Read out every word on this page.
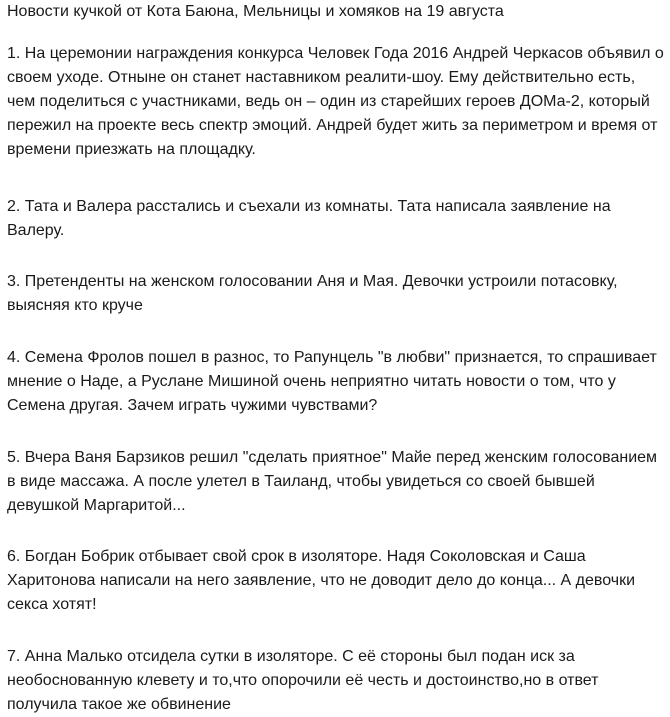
Новости кучкой от Кота Баюна, Мельницы и хомяков на 19 августа

1. На церемонии награждения конкурса Человек Года 2016 Андрей Черкасов объявил о своем уходе. Отныне он станет наставником реалити-шоу. Ему действительно есть, чем поделиться с участниками, ведь он – один из старейших героев ДОМа-2, который пережил на проекте весь спектр эмоций. Андрей будет жить за периметром и время от времени приезжать на площадку.

2. Тата и Валера расстались и съехали из комнаты. Тата написала заявление на Валеру.

3. Претенденты на женском голосовании Аня и Мая. Девочки устроили потасовку, выясняя кто круче

4. Семена Фролов пошел в разнос, то Рапунцель "в любви" признается, то спрашивает мнение о Наде, а Руслане Мишиной очень неприятно читать новости о том, что у Семена другая. Зачем играть чужими чувствами?

5. Вчера Ваня Барзиков решил "сделать приятное" Майе перед женским голосованием в виде массажа. А после улетел в Таиланд, чтобы увидеться со своей бывшей девушкой Маргаритой...

6. Богдан Бобрик отбывает свой срок в изоляторе. Надя Соколовская и Саша Харитонова написали на него заявление, что не доводит дело до конца... А девочки секса хотят!

7. Анна Малько отсидела сутки в изоляторе. С её стороны был подан иск за необоснованную клевету и то,что опорочили её честь и достоинство,но в ответ получила такое же обвинение
